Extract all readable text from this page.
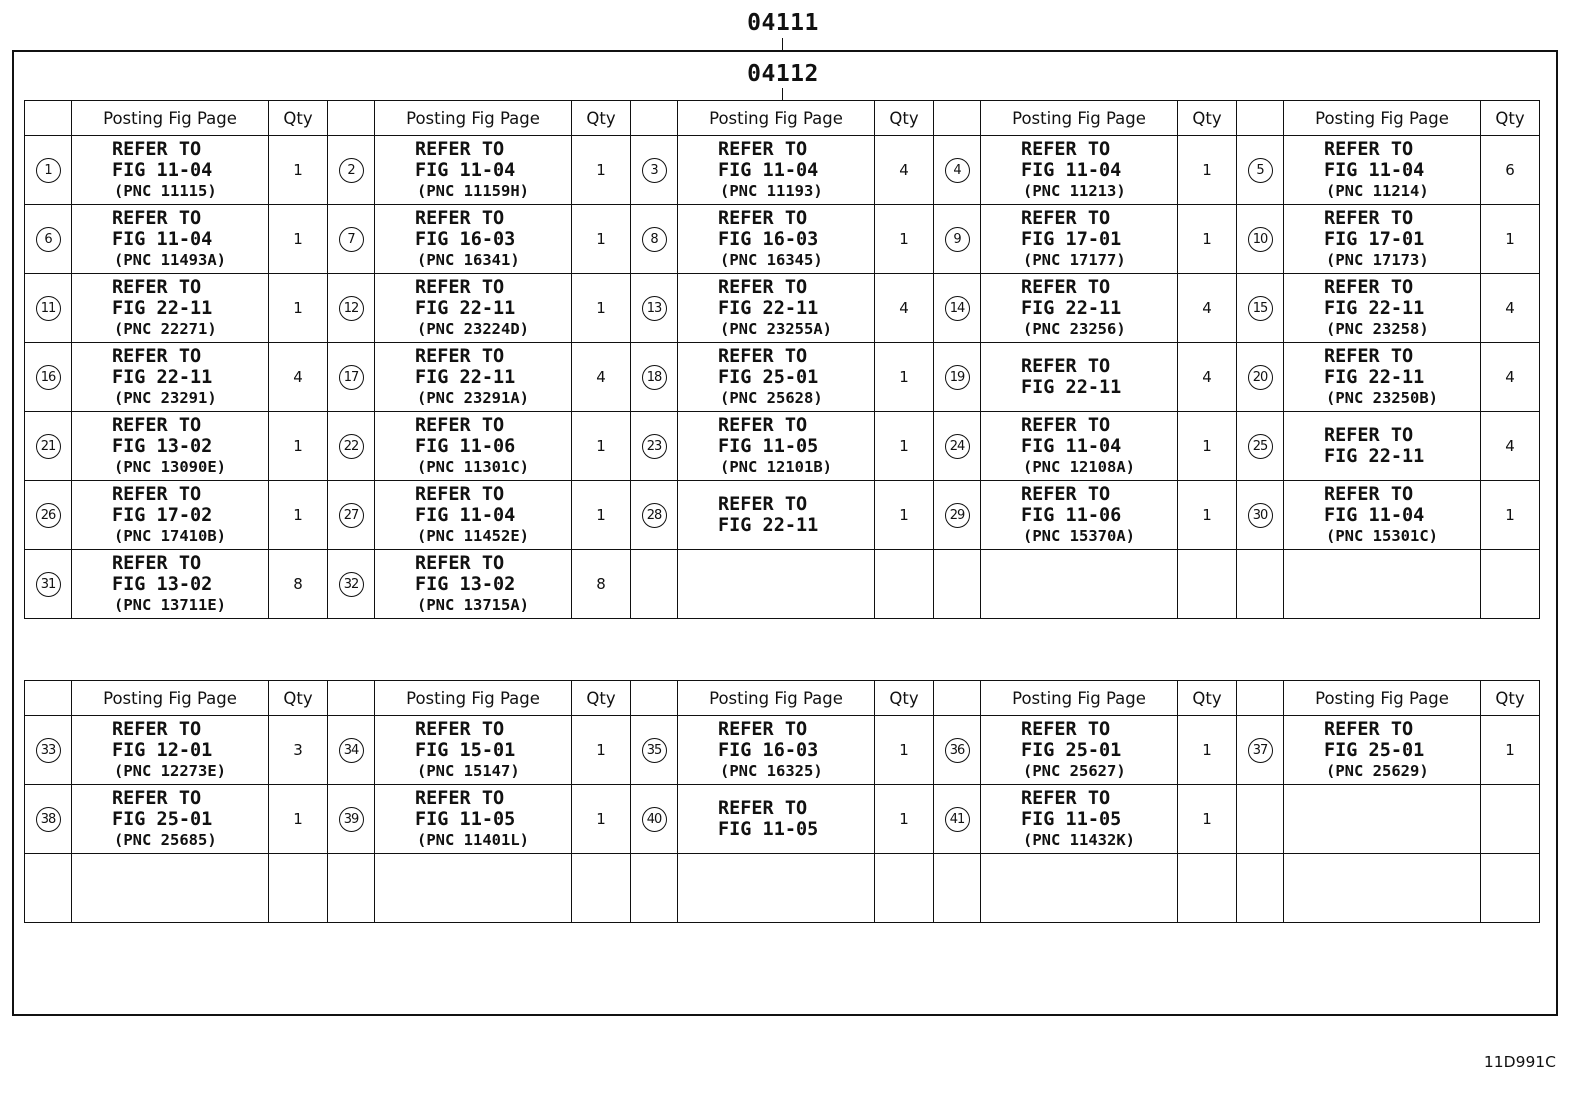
04111
04112
	Posting Fig Page	Qty		Posting Fig Page	Qty		Posting Fig Page	Qty		Posting Fig Page	Qty		Posting Fig Page	Qty
1	REFER TO
FIG 11-04
(PNC 11115)	1	2	REFER TO
FIG 11-04
(PNC 11159H)	1	3	REFER TO
FIG 11-04
(PNC 11193)	4	4	REFER TO
FIG 11-04
(PNC 11213)	1	5	REFER TO
FIG 11-04
(PNC 11214)	6
6	REFER TO
FIG 11-04
(PNC 11493A)	1	7	REFER TO
FIG 16-03
(PNC 16341)	1	8	REFER TO
FIG 16-03
(PNC 16345)	1	9	REFER TO
FIG 17-01
(PNC 17177)	1	10	REFER TO
FIG 17-01
(PNC 17173)	1
11	REFER TO
FIG 22-11
(PNC 22271)	1	12	REFER TO
FIG 22-11
(PNC 23224D)	1	13	REFER TO
FIG 22-11
(PNC 23255A)	4	14	REFER TO
FIG 22-11
(PNC 23256)	4	15	REFER TO
FIG 22-11
(PNC 23258)	4
16	REFER TO
FIG 22-11
(PNC 23291)	4	17	REFER TO
FIG 22-11
(PNC 23291A)	4	18	REFER TO
FIG 25-01
(PNC 25628)	1	19	REFER TO
FIG 22-11	4	20	REFER TO
FIG 22-11
(PNC 23250B)	4
21	REFER TO
FIG 13-02
(PNC 13090E)	1	22	REFER TO
FIG 11-06
(PNC 11301C)	1	23	REFER TO
FIG 11-05
(PNC 12101B)	1	24	REFER TO
FIG 11-04
(PNC 12108A)	1	25	REFER TO
FIG 22-11	4
26	REFER TO
FIG 17-02
(PNC 17410B)	1	27	REFER TO
FIG 11-04
(PNC 11452E)	1	28	REFER TO
FIG 22-11	1	29	REFER TO
FIG 11-06
(PNC 15370A)	1	30	REFER TO
FIG 11-04
(PNC 15301C)	1
31	REFER TO
FIG 13-02
(PNC 13711E)	8	32	REFER TO
FIG 13-02
(PNC 13715A)	8									
	Posting Fig Page	Qty		Posting Fig Page	Qty		Posting Fig Page	Qty		Posting Fig Page	Qty		Posting Fig Page	Qty
33	REFER TO
FIG 12-01
(PNC 12273E)	3	34	REFER TO
FIG 15-01
(PNC 15147)	1	35	REFER TO
FIG 16-03
(PNC 16325)	1	36	REFER TO
FIG 25-01
(PNC 25627)	1	37	REFER TO
FIG 25-01
(PNC 25629)	1
38	REFER TO
FIG 25-01
(PNC 25685)	1	39	REFER TO
FIG 11-05
(PNC 11401L)	1	40	REFER TO
FIG 11-05	1	41	REFER TO
FIG 11-05
(PNC 11432K)	1			

11D991C
